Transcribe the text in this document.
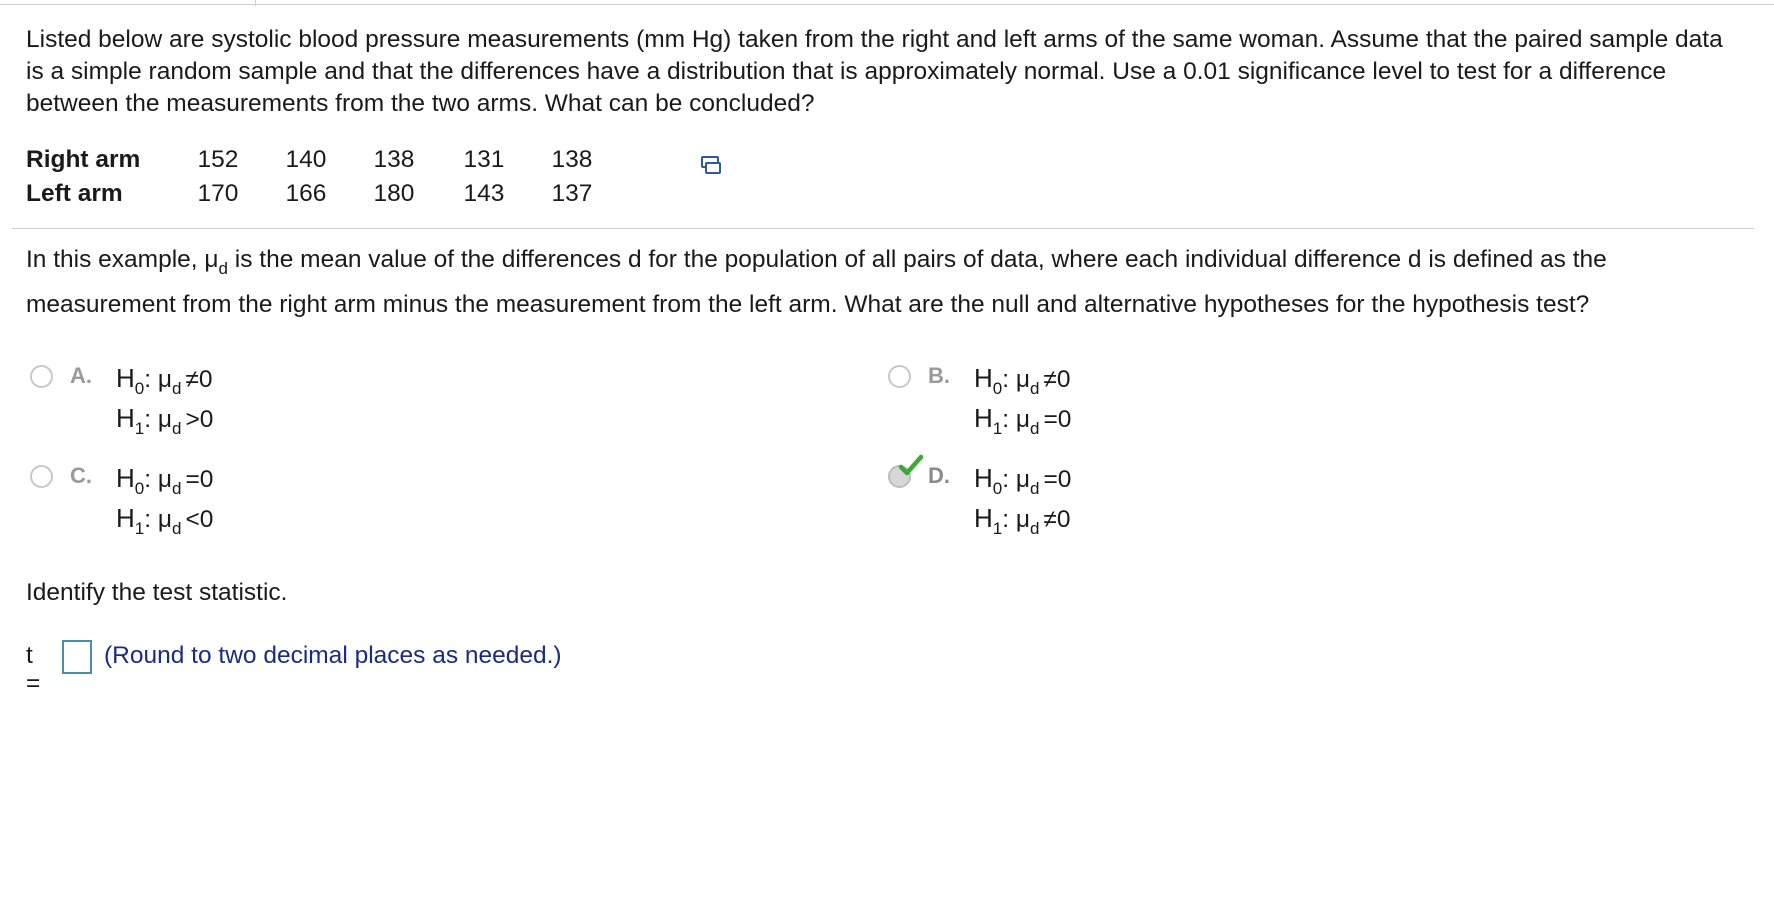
Listed below are systolic blood pressure measurements (mm Hg) taken from the right and left arms of the same woman. Assume that the paired sample data is a simple random sample and that the differences have a distribution that is approximately normal. Use a 0.01 significance level to test for a difference between the measurements from the two arms. What can be concluded?
Right arm	152	140	138	131	138
Left arm	170	166	180	143	137
In this example, $\mu_d$ is the mean value of the differences d for the population of all pairs of data, where each individual difference d is defined as the measurement from the right arm minus the measurement from the left arm. What are the null and alternative hypotheses for the hypothesis test?
A. $H_0$: $\mu_d \ne 0$
$H_1$: $\mu_d >0$
B. $H_0$: $\mu_d \ne 0$
$H_1$: $\mu_d =0$
C. $H_0$: $\mu_d =0$
$H_1$: $\mu_d <0$
D. $H_0$: $\mu_d =0$
$H_1$: $\mu_d \ne 0$
Identify the test statistic.
t =
(Round to two decimal places as needed.)
